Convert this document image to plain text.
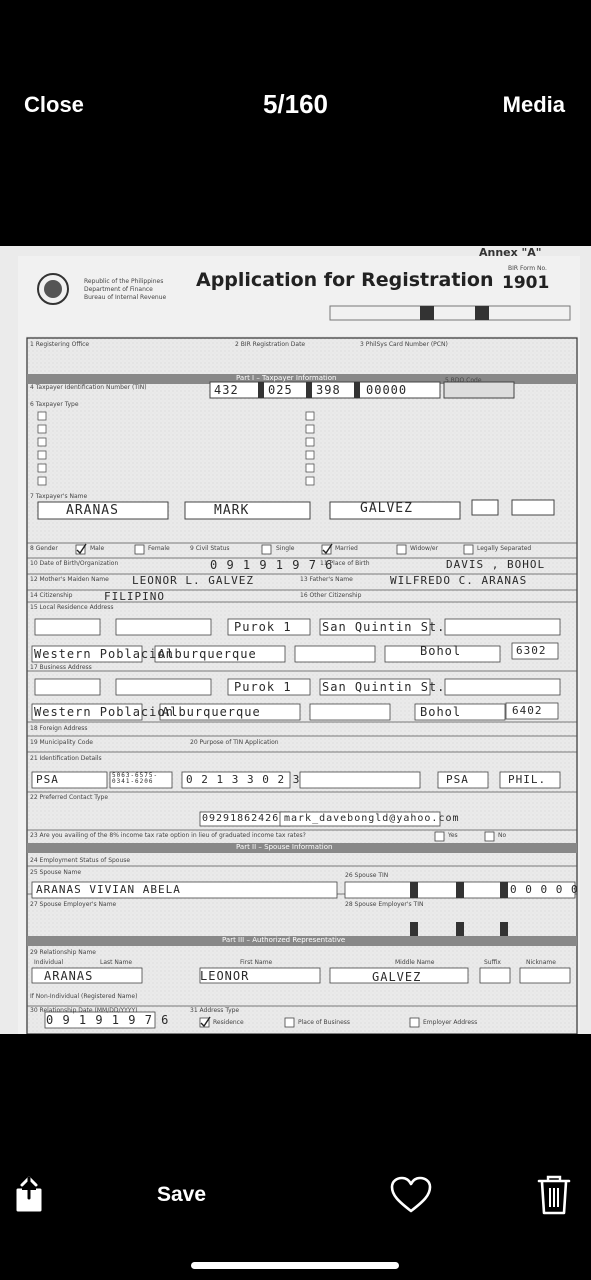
Close	5/160	Media
Annex "A"
BIR Form No.
1901
Republic of the Philippines
Department of Finance
Bureau of Internal Revenue
Application for Registration
1 Registering Office	2 BIR Registration Date	3 PhilSys Card Number (PCN)
Part I – Taxpayer Information
4 Taxpayer Identification Number (TIN)
5 RDO Code
432 025 398 00000
6 Taxpayer Type
7 Taxpayer's Name
ARANAS	MARK	GALVEZ
8 Gender	Male	Female	9 Civil Status	Single	Married	Widow/er	Legally Separated
10 Date of Birth/Organization	0 9 1 9 1 9 7 6
11 Place of Birth	DAVIS , BOHOL
12 Mother's Maiden Name LEONOR L. GALVEZ	13 Father's Name	WILFREDO C. ARANAS
14 Citizenship	FILIPINO	16 Other Citizenship
15 Local Residence Address
Purok 1	San Quintin St.
Western Poblacion
Alburquerque	Bohol	6302
17 Business Address
Purok 1	San Quintin St.
Western Poblacion
Alburquerque	Bohol	6402
18 Foreign Address
19 Municipality Code	20 Purpose of TIN Application
21 Identification Details
PSA	5063-6575-0341-6206	0 2 1 3 3 0 2 3	PSA	PHIL.
22 Preferred Contact Type
09291862426 mark_davebongld@yahoo.com
23 Are you availing of the 8% income tax rate option in lieu of graduated income tax rates?	Yes	No
Part II – Spouse Information
24 Employment Status of Spouse
25 Spouse Name
ARANAS VIVIAN ABELA
26 Spouse TIN
0 0 0 0 0
27 Spouse Employer's Name	28 Spouse Employer's TIN
Part III – Authorized Representative
29 Relationship Name
Individual	Last Name	First Name	Middle Name	Suffix	Nickname
ARANAS	LEONOR	GALVEZ
If Non-Individual (Registered Name)
30 Relationship Date (MM/DD/YYYY)
0 9 1 9 1 9 7 6
31 Address Type
Residence	Place of Business	Employer Address
Save
